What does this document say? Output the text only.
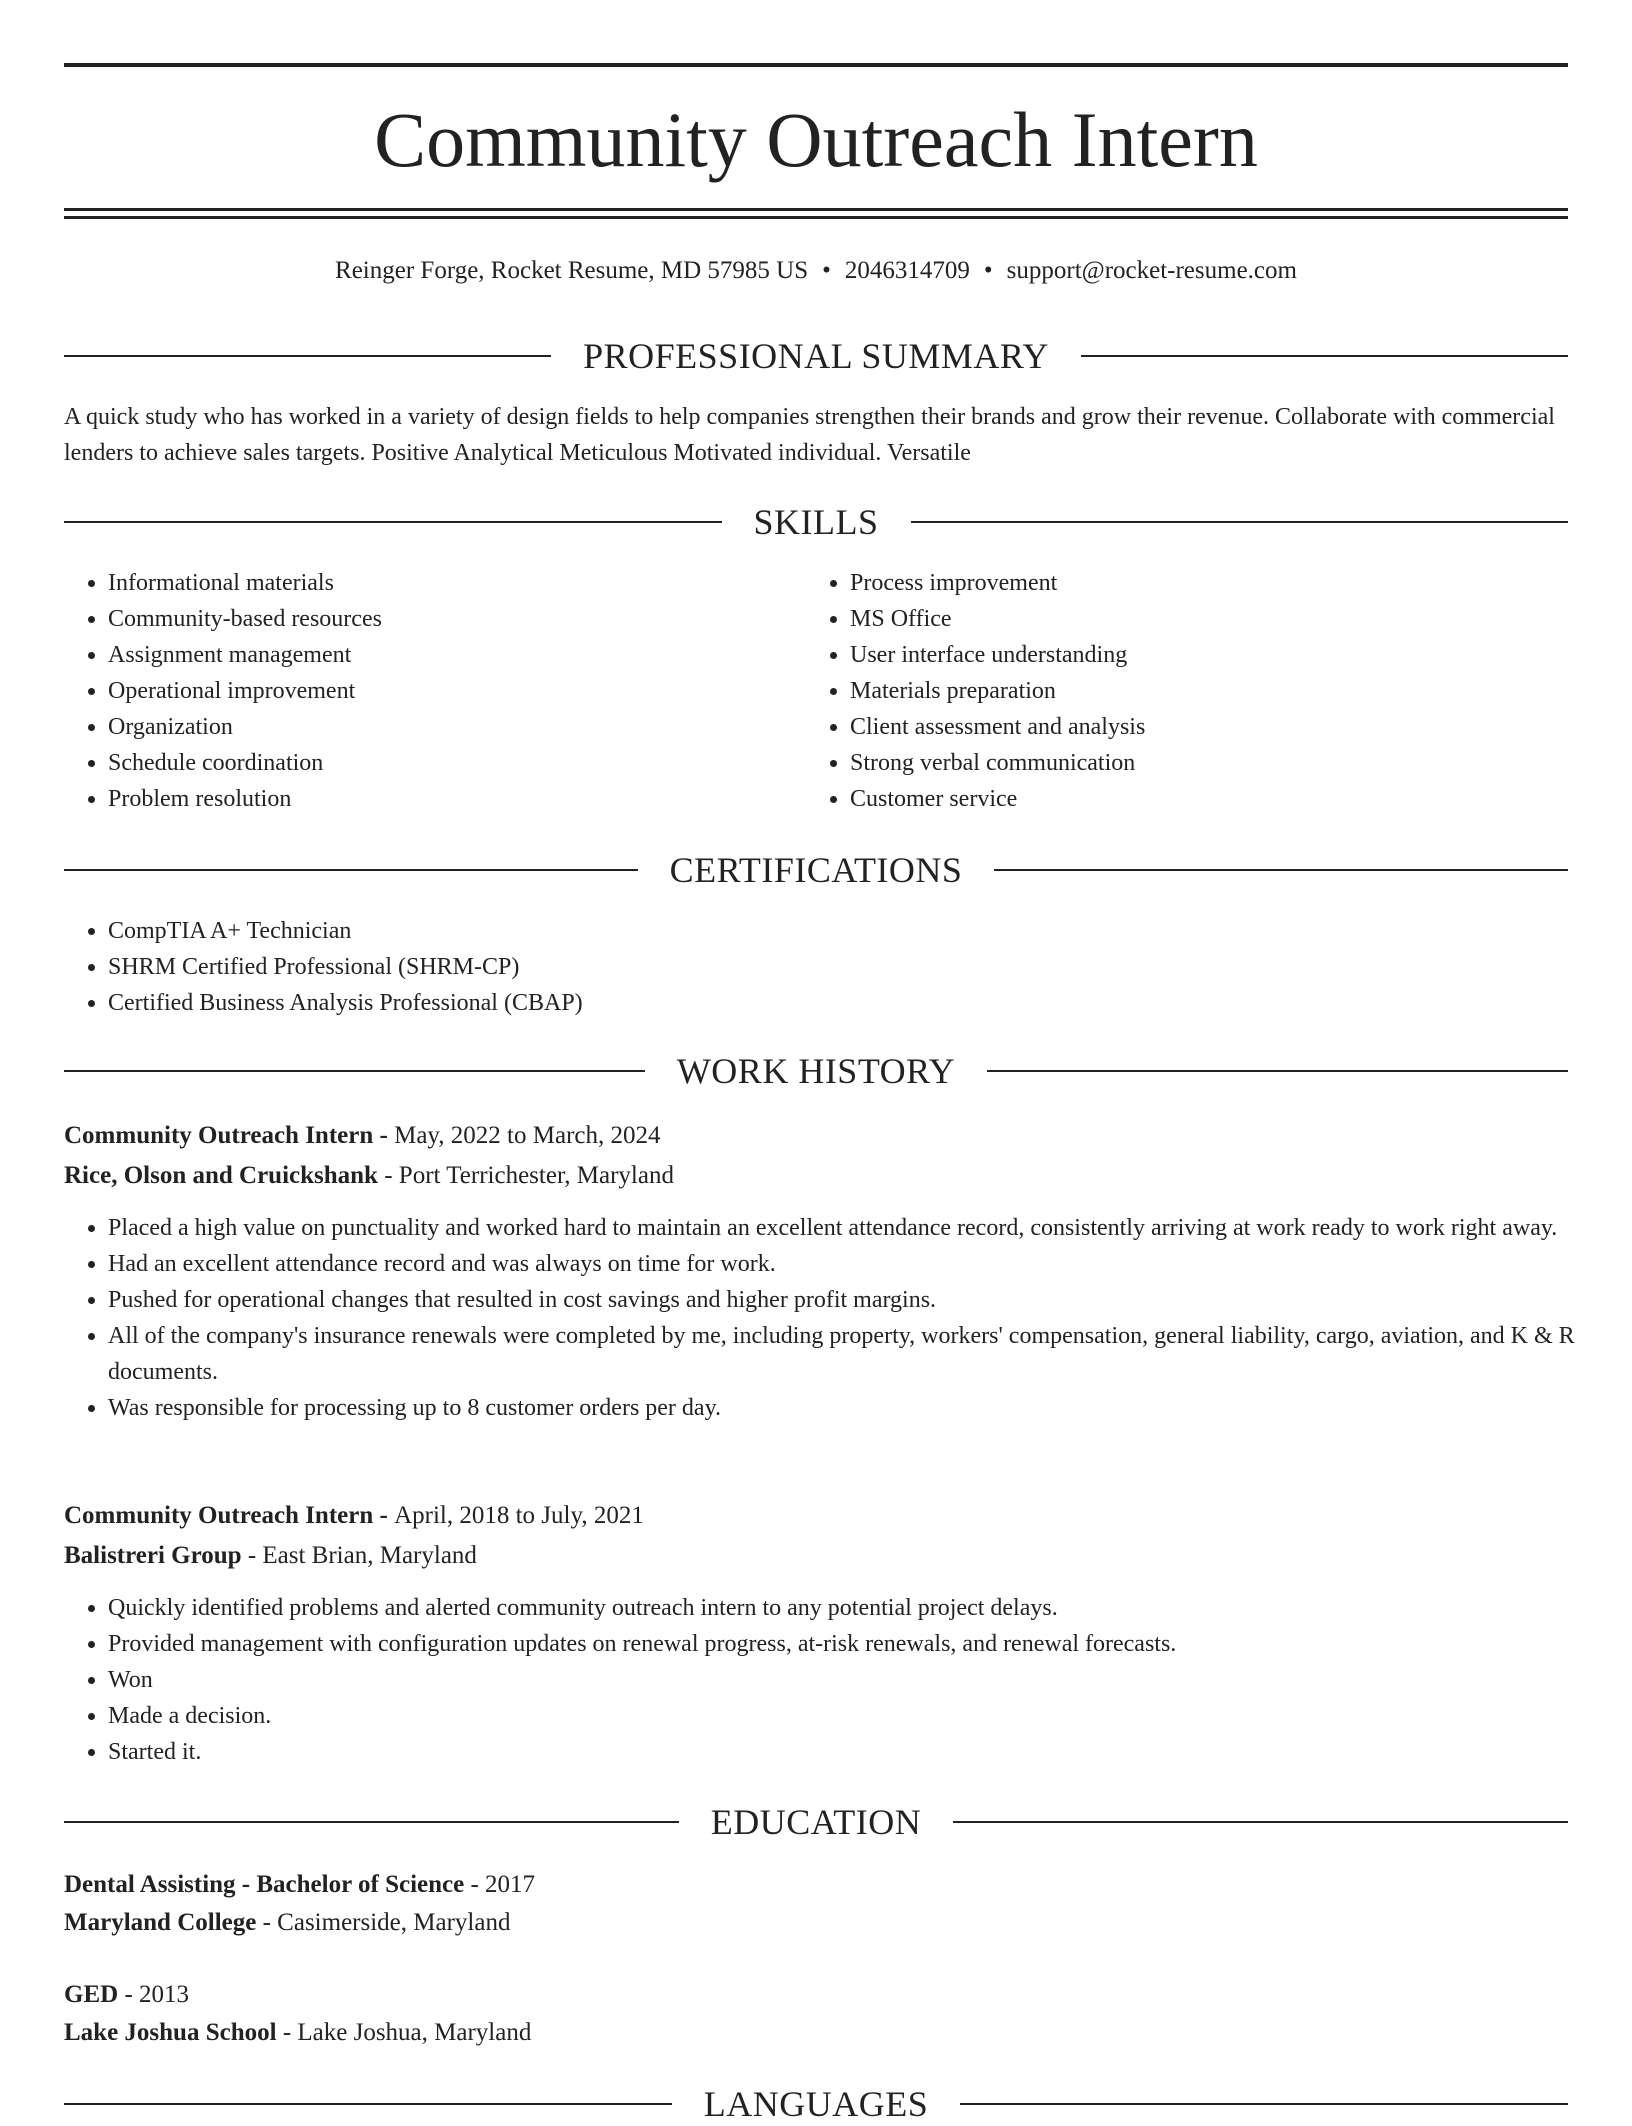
Community Outreach Intern
Reinger Forge, Rocket Resume, MD 57985 US • 2046314709 • support@rocket-resume.com
PROFESSIONAL SUMMARY

A quick study who has worked in a variety of design fields to help companies strengthen their brands and grow their revenue. Collaborate with commercial lenders to achieve sales targets. Positive Analytical Meticulous Motivated individual. Versatile

SKILLS
• Informational materials
• Community-based resources
• Assignment management
• Operational improvement
• Organization
• Schedule coordination
• Problem resolution
• Process improvement
• MS Office
• User interface understanding
• Materials preparation
• Client assessment and analysis
• Strong verbal communication
• Customer service
CERTIFICATIONS
• CompTIA A+ Technician
• SHRM Certified Professional (SHRM-CP)
• Certified Business Analysis Professional (CBAP)
WORK HISTORY
Community Outreach Intern - May, 2022 to March, 2024
Rice, Olson and Cruickshank - Port Terrichester, Maryland
• Placed a high value on punctuality and worked hard to maintain an excellent attendance record, consistently arriving at work ready to work right away.
• Had an excellent attendance record and was always on time for work.
• Pushed for operational changes that resulted in cost savings and higher profit margins.
• All of the company's insurance renewals were completed by me, including property, workers' compensation, general liability, cargo, aviation, and K & R documents.
• Was responsible for processing up to 8 customer orders per day.
Community Outreach Intern - April, 2018 to July, 2021
Balistreri Group - East Brian, Maryland
• Quickly identified problems and alerted community outreach intern to any potential project delays.
• Provided management with configuration updates on renewal progress, at-risk renewals, and renewal forecasts.
• Won
• Made a decision.
• Started it.
EDUCATION
Dental Assisting - Bachelor of Science - 2017
Maryland College - Casimerside, Maryland
GED - 2013
Lake Joshua School - Lake Joshua, Maryland
LANGUAGES
